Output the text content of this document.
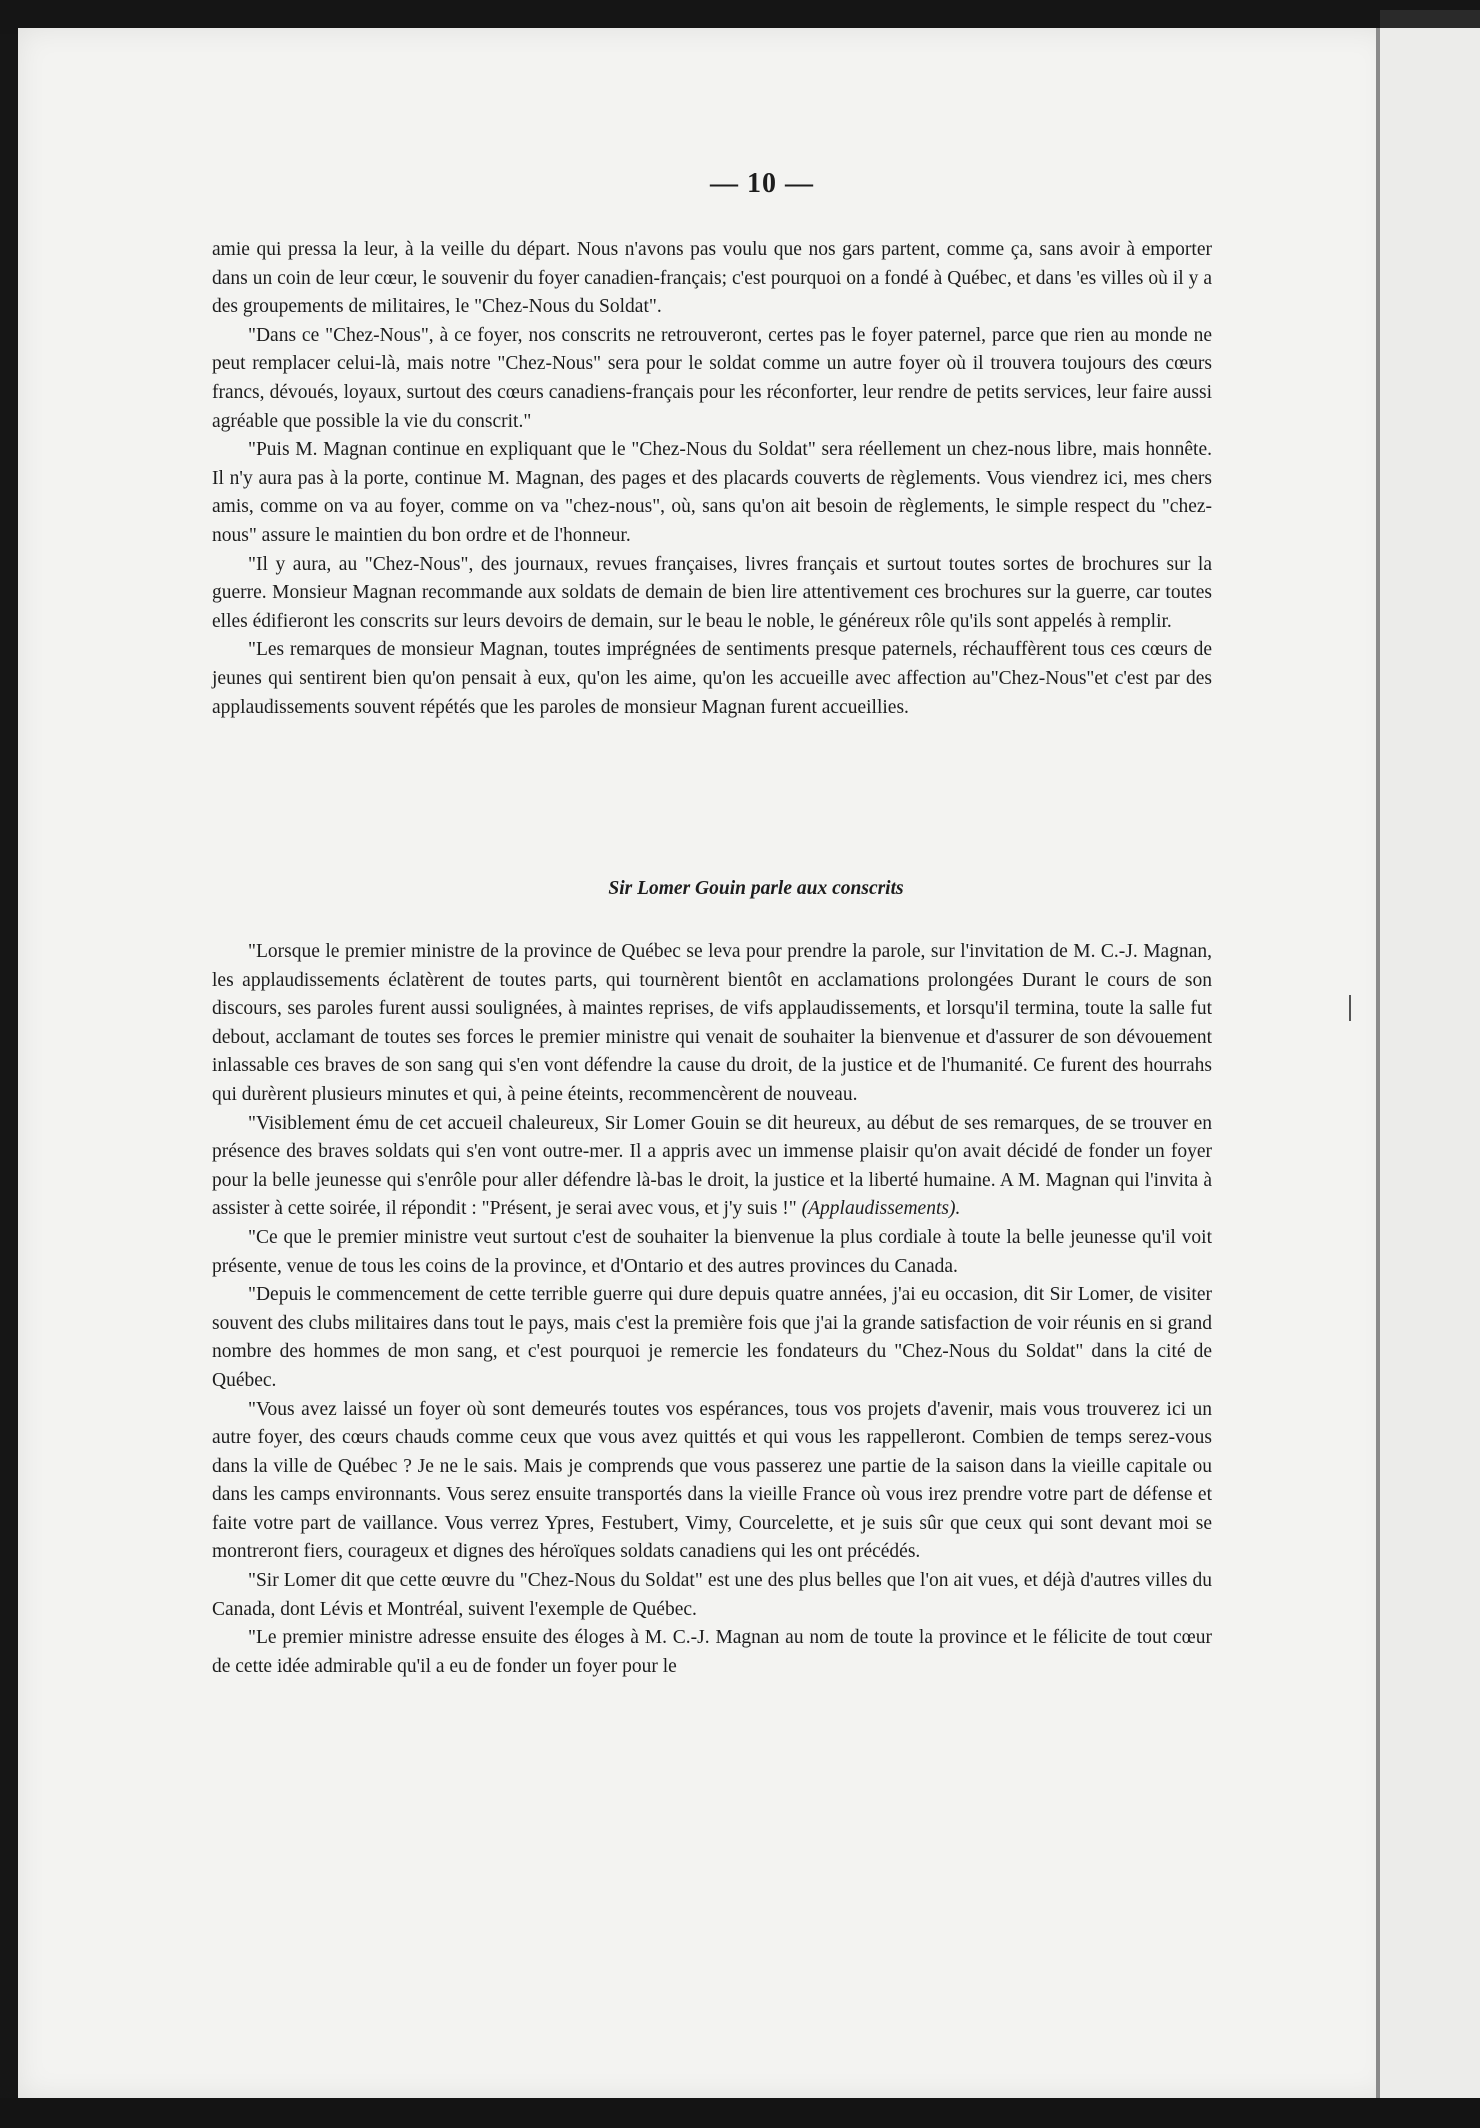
— 10 —

amie qui pressa la leur, à la veille du départ. Nous n'avons pas voulu que nos gars partent, comme ça, sans avoir à emporter dans un coin de leur cœur, le souvenir du foyer canadien-français; c'est pourquoi on a fondé à Québec, et dans 'es villes où il y a des groupements de militaires, le "Chez-Nous du Soldat".

"Dans ce "Chez-Nous", à ce foyer, nos conscrits ne retrouveront, certes pas le foyer paternel, parce que rien au monde ne peut remplacer celui-là, mais notre "Chez-Nous" sera pour le soldat comme un autre foyer où il trouvera toujours des cœurs francs, dévoués, loyaux, surtout des cœurs canadiens-français pour les réconforter, leur rendre de petits services, leur faire aussi agréable que possible la vie du conscrit."

"Puis M. Magnan continue en expliquant que le "Chez-Nous du Soldat" sera réellement un chez-nous libre, mais honnête. Il n'y aura pas à la porte, continue M. Magnan, des pages et des placards couverts de règlements. Vous viendrez ici, mes chers amis, comme on va au foyer, comme on va "chez-nous", où, sans qu'on ait besoin de règlements, le simple respect du "chez-nous" assure le maintien du bon ordre et de l'honneur.

"Il y aura, au "Chez-Nous", des journaux, revues françaises, livres français et surtout toutes sortes de brochures sur la guerre. Monsieur Magnan recommande aux soldats de demain de bien lire attentivement ces brochures sur la guerre, car toutes elles édifieront les conscrits sur leurs devoirs de demain, sur le beau le noble, le généreux rôle qu'ils sont appelés à remplir.

"Les remarques de monsieur Magnan, toutes imprégnées de sentiments presque paternels, réchauffèrent tous ces cœurs de jeunes qui sentirent bien qu'on pensait à eux, qu'on les aime, qu'on les accueille avec affection au"Chez-Nous"et c'est par des applaudissements souvent répétés que les paroles de monsieur Magnan furent accueillies.

Sir Lomer Gouin parle aux conscrits

"Lorsque le premier ministre de la province de Québec se leva pour prendre la parole, sur l'invitation de M. C.-J. Magnan, les applaudissements éclatèrent de toutes parts, qui tournèrent bientôt en acclamations prolongées Durant le cours de son discours, ses paroles furent aussi soulignées, à maintes reprises, de vifs applaudissements, et lorsqu'il termina, toute la salle fut debout, acclamant de toutes ses forces le premier ministre qui venait de souhaiter la bienvenue et d'assurer de son dévouement inlassable ces braves de son sang qui s'en vont défendre la cause du droit, de la justice et de l'humanité. Ce furent des hourrahs qui durèrent plusieurs minutes et qui, à peine éteints, recommencèrent de nouveau.

"Visiblement ému de cet accueil chaleureux, Sir Lomer Gouin se dit heureux, au début de ses remarques, de se trouver en présence des braves soldats qui s'en vont outre-mer. Il a appris avec un immense plaisir qu'on avait décidé de fonder un foyer pour la belle jeunesse qui s'enrôle pour aller défendre là-bas le droit, la justice et la liberté humaine. A M. Magnan qui l'invita à assister à cette soirée, il répondit : "Présent, je serai avec vous, et j'y suis !" (Applaudissements).

"Ce que le premier ministre veut surtout c'est de souhaiter la bienvenue la plus cordiale à toute la belle jeunesse qu'il voit présente, venue de tous les coins de la province, et d'Ontario et des autres provinces du Canada.

"Depuis le commencement de cette terrible guerre qui dure depuis quatre années, j'ai eu occasion, dit Sir Lomer, de visiter souvent des clubs militaires dans tout le pays, mais c'est la première fois que j'ai la grande satisfaction de voir réunis en si grand nombre des hommes de mon sang, et c'est pourquoi je remercie les fondateurs du "Chez-Nous du Soldat" dans la cité de Québec.

"Vous avez laissé un foyer où sont demeurés toutes vos espérances, tous vos projets d'avenir, mais vous trouverez ici un autre foyer, des cœurs chauds comme ceux que vous avez quittés et qui vous les rappelleront. Combien de temps serez-vous dans la ville de Québec ? Je ne le sais. Mais je comprends que vous passerez une partie de la saison dans la vieille capitale ou dans les camps environnants. Vous serez ensuite transportés dans la vieille France où vous irez prendre votre part de défense et faite votre part de vaillance. Vous verrez Ypres, Festubert, Vimy, Courcelette, et je suis sûr que ceux qui sont devant moi se montreront fiers, courageux et dignes des héroïques soldats canadiens qui les ont précédés.

"Sir Lomer dit que cette œuvre du "Chez-Nous du Soldat" est une des plus belles que l'on ait vues, et déjà d'autres villes du Canada, dont Lévis et Montréal, suivent l'exemple de Québec.

"Le premier ministre adresse ensuite des éloges à M. C.-J. Magnan au nom de toute la province et le félicite de tout cœur de cette idée admirable qu'il a eu de fonder un foyer pour le
